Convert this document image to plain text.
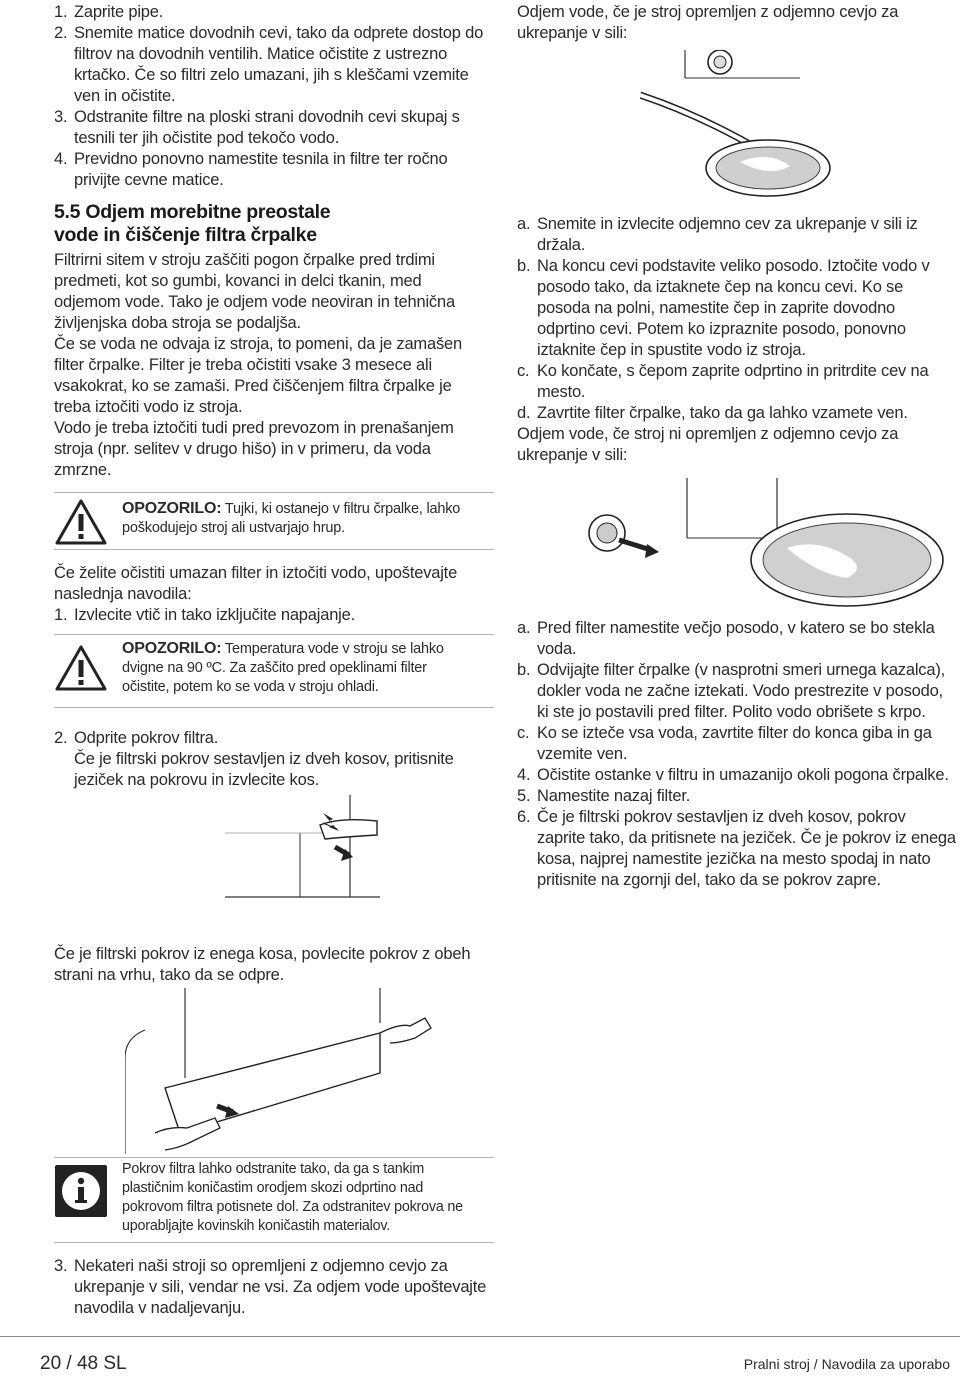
1. Zaprite pipe.
2. Snemite matice dovodnih cevi, tako da odprete dostop do filtrov na dovodnih ventilih. Matice očistite z ustrezno krtačko. Če so filtri zelo umazani, jih s kleščami vzemite ven in očistite.
3. Odstranite filtre na ploski strani dovodnih cevi skupaj s tesnili ter jih očistite pod tekočo vodo.
4. Previdno ponovno namestite tesnila in filtre ter ročno privijte cevne matice.
5.5 Odjem morebitne preostale
vode in čiščenje filtra črpalke

Filtrirni sitem v stroju zaščiti pogon črpalke pred trdimi predmeti, kot so gumbi, kovanci in delci tkanin, med odjemom vode. Tako je odjem vode neoviran in tehnična življenjska doba stroja se podaljša.

Če se voda ne odvaja iz stroja, to pomeni, da je zamašen filter črpalke. Filter je treba očistiti vsake 3 mesece ali vsakokrat, ko se zamaši. Pred čiščenjem filtra črpalke je treba iztočiti vodo iz stroja.

Vodo je treba iztočiti tudi pred prevozom in prenašanjem stroja (npr. selitev v drugo hišo) in v primeru, da voda zmrzne.

OPOZORILO: Tujki, ki ostanejo v filtru črpalke, lahko poškodujejo stroj ali ustvarjajo hrup.

Če želite očistiti umazan filter in iztočiti vodo, upoštevajte naslednja navodila:

1. Izvlecite vtič in tako izključite napajanje.
OPOZORILO: Temperatura vode v stroju se lahko dvigne na 90 ºC. Za zaščito pred opeklinami filter očistite, potem ko se voda v stroju ohladi.
2. Odprite pokrov filtra.
Če je filtrski pokrov sestavljen iz dveh kosov, pritisnite jeziček na pokrovu in izvlecite kos.
Če je filtrski pokrov iz enega kosa, povlecite pokrov z obeh strani na vrhu, tako da se odpre.
Pokrov filtra lahko odstranite tako, da ga s tankim plastičnim koničastim orodjem skozi odprtino nad pokrovom filtra potisnete dol. Za odstranitev pokrova ne uporabljajte kovinskih koničastih materialov.
3. Nekateri naši stroji so opremljeni z odjemno cevjo za ukrepanje v sili, vendar ne vsi. Za odjem vode upoštevajte navodila v nadaljevanju.
Odjem vode, če je stroj opremljen z odjemno cevjo za ukrepanje v sili:
a. Snemite in izvlecite odjemno cev za ukrepanje v sili iz držala.
b. Na koncu cevi podstavite veliko posodo. Iztočite vodo v posodo tako, da iztaknete čep na koncu cevi. Ko se posoda na polni, namestite čep in zaprite dovodno odprtino cevi. Potem ko izpraznite posodo, ponovno iztaknite čep in spustite vodo iz stroja.
c. Ko končate, s čepom zaprite odprtino in pritrdite cev na mesto.
d. Zavrtite filter črpalke, tako da ga lahko vzamete ven.
Odjem vode, če stroj ni opremljen z odjemno cevjo za ukrepanje v sili:
a. Pred filter namestite večjo posodo, v katero se bo stekla voda.
b. Odvijajte filter črpalke (v nasprotni smeri urnega kazalca), dokler voda ne začne iztekati. Vodo prestrezite v posodo, ki ste jo postavili pred filter. Polito vodo obrišete s krpo.
c. Ko se izteče vsa voda, zavrtite filter do konca giba in ga vzemite ven.
4. Očistite ostanke v filtru in umazanijo okoli pogona črpalke.
5. Namestite nazaj filter.
6. Če je filtrski pokrov sestavljen iz dveh kosov, pokrov zaprite tako, da pritisnete na jeziček. Če je pokrov iz enega kosa, najprej namestite jezička na mesto spodaj in nato pritisnite na zgornji del, tako da se pokrov zapre.
20 / 48 SL	Pralni stroj / Navodila za uporabo
